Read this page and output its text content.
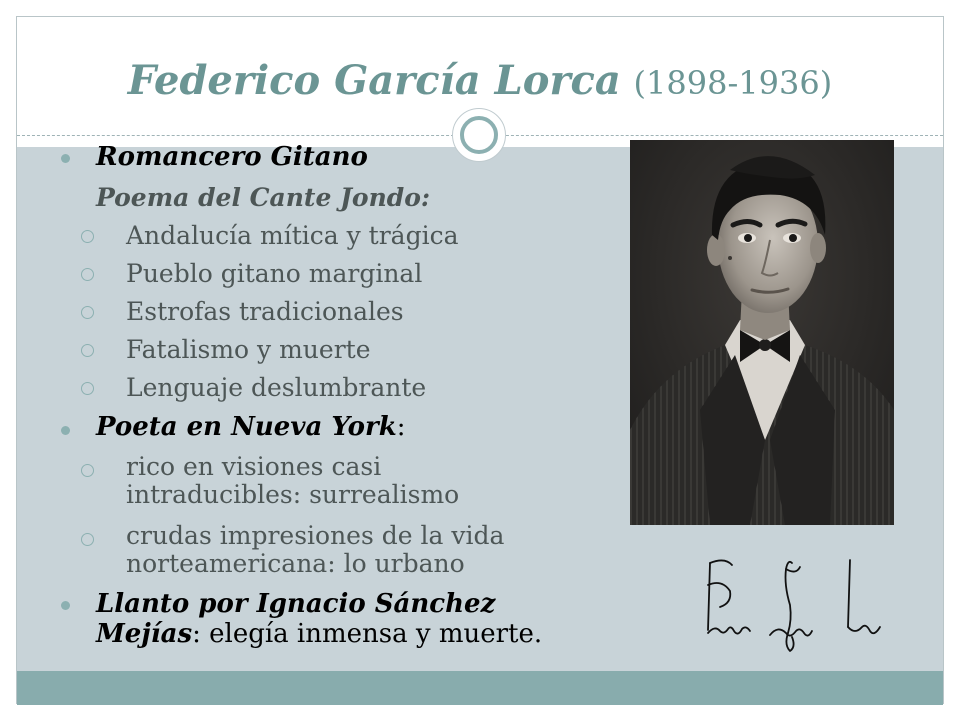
Federico García Lorca (1898-1936)
Romancero Gitano
Poema del Cante Jondo:
Andalucía mítica y trágica
Pueblo gitano marginal
Estrofas tradicionales
Fatalismo y muerte
Lenguaje deslumbrante
Poeta en Nueva York:
rico en visiones casi
intraducibles: surrealismo
crudas impresiones de la vida
norteamericana: lo urbano
Llanto por Ignacio Sánchez
Mejías: elegía inmensa y muerte.
